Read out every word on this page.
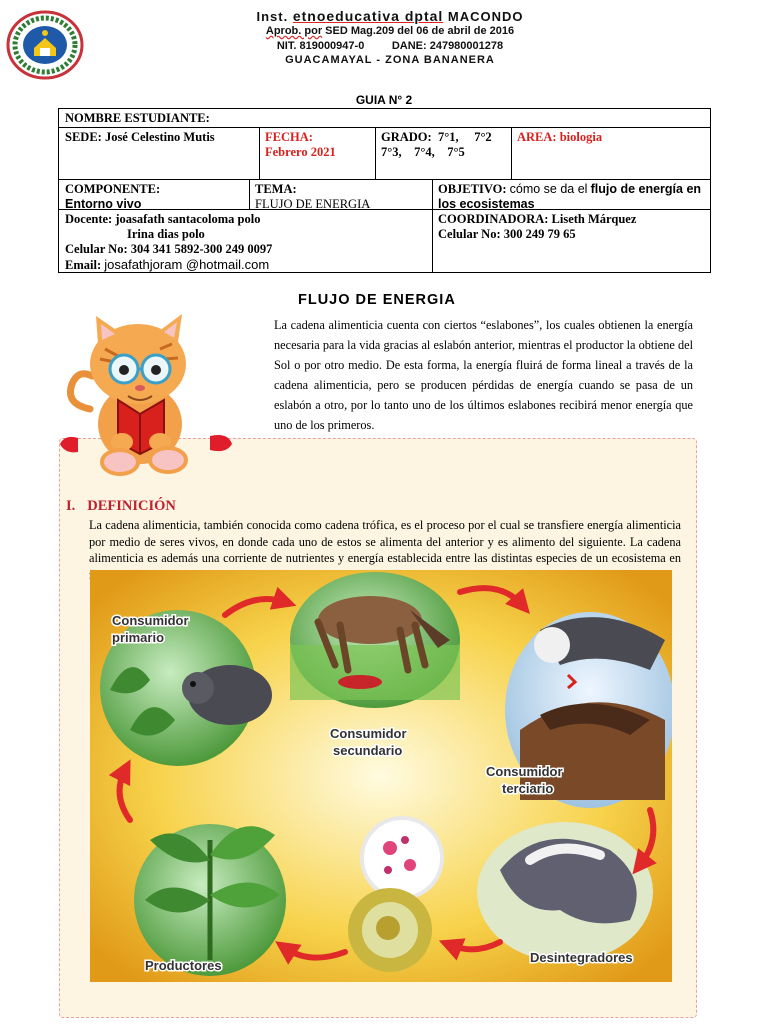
Inst. etnoeducativa dptal MACONDO
Aprob. por SED Mag.209 del 06 de abril de 2016
NIT. 819000947-0	DANE: 247980001278
GUACAMAYAL - ZONA BANANERA
GUIA N° 2
NOMBRE ESTUDIANTE:
SEDE: José Celestino Mutis	FECHA:
Febrero 2021
GRADO:  7°1,     7°2
7°3,    7°4,    7°5
AREA: biologia
COMPONENTE:
Entorno vivo
TEMA:
FLUJO DE ENERGIA
OBJETIVO: cómo se da el flujo de energía en los ecosistemas
Docente: joasafath santacoloma polo
Irina dias polo
Celular No: 304 341 5892-300 249 0097
Email: josafathjoram @hotmail.com
COORDINADORA: Liseth Márquez
Celular No: 300 249 79 65
FLUJO DE ENERGIA
La cadena alimenticia cuenta con ciertos “eslabones”, los cuales obtienen la energía necesaria para la vida gracias al eslabón anterior, mientras el productor la obtiene del Sol o por otro medio. De esta forma, la energía fluirá de forma lineal a través de la cadena alimenticia, pero se producen pérdidas de energía cuando se pasa de un eslabón a otro, por lo tanto uno de los últimos eslabones recibirá menor energía que uno de los primeros.
I. DEFINICIÓN
La cadena alimenticia, también conocida como cadena trófica, es el proceso por el cual se transfiere energía alimenticia por medio de seres vivos, en donde cada uno de estos se alimenta del anterior y es alimento del siguiente. La cadena alimenticia es además una corriente de nutrientes y energía establecida entre las distintas especies de un ecosistema en
Consumidor
primario
Consumidor
secundario
Consumidor
terciario
Desintegradores
Productores
